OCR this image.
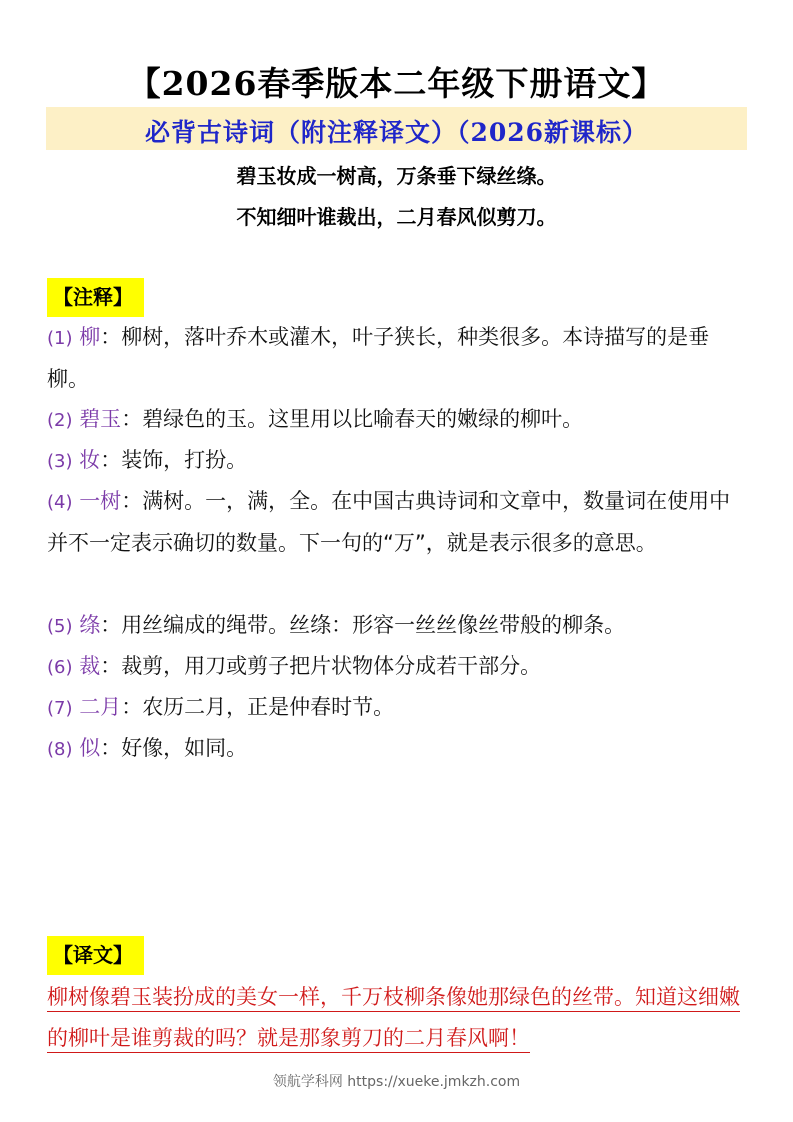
【2026春季版本二年级下册语文】
必背古诗词（附注释译文）（2026新课标）
碧玉妆成一树高，万条垂下绿丝绦。
不知细叶谁裁出，二月春风似剪刀。
【注释】
(1) 柳：柳树，落叶乔木或灌木，叶子狭长，种类很多。本诗描写的是垂柳。
(2) 碧玉：碧绿色的玉。这里用以比喻春天的嫩绿的柳叶。
(3) 妆：装饰，打扮。
(4) 一树：满树。一，满，全。在中国古典诗词和文章中，数量词在使用中并不一定表示确切的数量。下一句的“万”，就是表示很多的意思。
(5) 绦：用丝编成的绳带。丝绦：形容一丝丝像丝带般的柳条。
(6) 裁：裁剪，用刀或剪子把片状物体分成若干部分。
(7) 二月：农历二月，正是仲春时节。
(8) 似：好像，如同。
【译文】
柳树像碧玉装扮成的美女一样，千万枝柳条像她那绿色的丝带。知道这细嫩的柳叶是谁剪裁的吗？就是那象剪刀的二月春风啊！
领航学科网 https://xueke.jmkzh.com
